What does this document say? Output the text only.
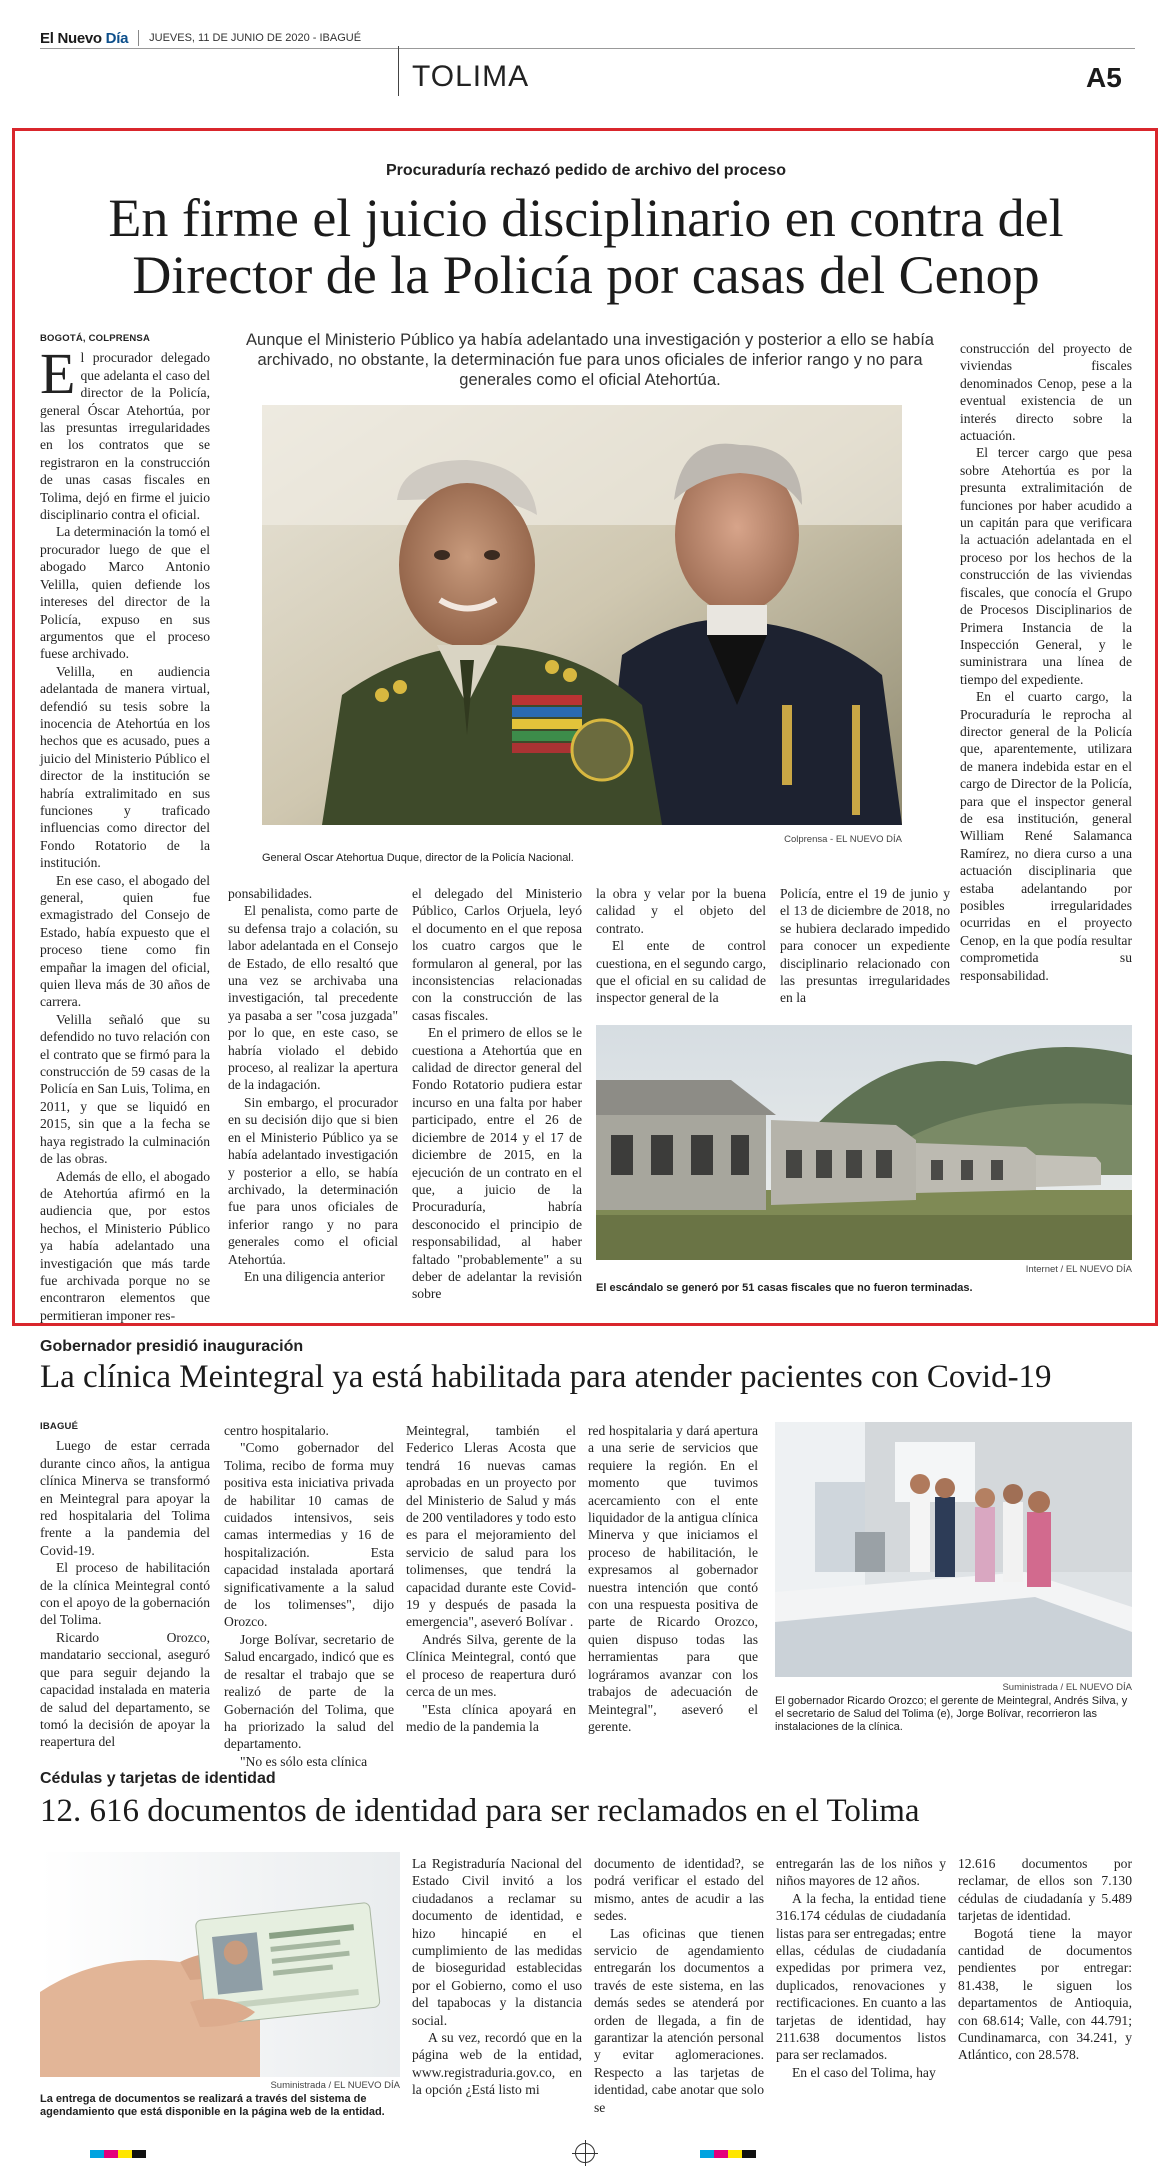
El Nuevo Día JUEVES, 11 DE JUNIO DE 2020 - IBAGUÉ
TOLIMA	A5
Procuraduría rechazó pedido de archivo del proceso
En firme el juicio disciplinario en contra del Director de la Policía por casas del Cenop
Aunque el Ministerio Público ya había adelantado una investigación y posterior a ello se había archivado, no obstante, la determinación fue para unos oficiales de inferior rango y no para generales como el oficial Atehortúa.
BOGOTÁ, COLPRENSA

El procurador delegado que adelanta el caso del director de la Policía, general Óscar Atehortúa, por las presuntas irregularidades en los contratos que se registraron en la construcción de unas casas fiscales en Tolima, dejó en firme el juicio disciplinario contra el oficial.

La determinación la tomó el procurador luego de que el abogado Marco Antonio Velilla, quien defiende los intereses del director de la Policía, expuso en sus argumentos que el proceso fuese archivado.

Velilla, en audiencia adelantada de manera virtual, defendió su tesis sobre la inocencia de Atehortúa en los hechos que es acusado, pues a juicio del Ministerio Público el director de la institución se habría extralimitado en sus funciones y traficado influencias como director del Fondo Rotatorio de la institución.

En ese caso, el abogado del general, quien fue exmagistrado del Consejo de Estado, había expuesto que el proceso tiene como fin empañar la imagen del oficial, quien lleva más de 30 años de carrera.

Velilla señaló que su defendido no tuvo relación con el contrato que se firmó para la construcción de 59 casas de la Policía en San Luis, Tolima, en 2011, y que se liquidó en 2015, sin que a la fecha se haya registrado la culminación de las obras.

Además de ello, el abogado de Atehortúa afirmó en la audiencia que, por estos hechos, el Ministerio Público ya había adelantado una investigación que más tarde fue archivada porque no se encontraron elementos que permitieran imponer res-

General Oscar Atehortua Duque, director de la Policía Nacional.
Colprensa - EL NUEVO DÍA

ponsabilidades.

El penalista, como parte de su defensa trajo a colación, su labor adelantada en el Consejo de Estado, de ello resaltó que una vez se archivaba una investigación, tal precedente ya pasaba a ser "cosa juzgada" por lo que, en este caso, se habría violado el debido proceso, al realizar la apertura de la indagación.

Sin embargo, el procurador en su decisión dijo que si bien en el Ministerio Público ya se había adelantado investigación y posterior a ello, se había archivado, la determinación fue para unos oficiales de inferior rango y no para generales como el oficial Atehortúa.

En una diligencia anterior

el delegado del Ministerio Público, Carlos Orjuela, leyó el documento en el que reposa los cuatro cargos que le formularon al general, por las inconsistencias relacionadas con la construcción de las casas fiscales.

En el primero de ellos se le cuestiona a Atehortúa que en calidad de director general del Fondo Rotatorio pudiera estar incurso en una falta por haber participado, entre el 26 de diciembre de 2014 y el 17 de diciembre de 2015, en la ejecución de un contrato en el que, a juicio de la Procuraduría, habría desconocido el principio de responsabilidad, al haber faltado "probablemente" a su deber de adelantar la revisión sobre

la obra y velar por la buena calidad y el objeto del contrato.

El ente de control cuestiona, en el segundo cargo, que el oficial en su calidad de inspector general de la

Policía, entre el 19 de junio y el 13 de diciembre de 2018, no se hubiera declarado impedido para conocer un expediente disciplinario relacionado con las presuntas irregularidades en la

construcción del proyecto de viviendas fiscales denominados Cenop, pese a la eventual existencia de un interés directo sobre la actuación.

El tercer cargo que pesa sobre Atehortúa es por la presunta extralimitación de funciones por haber acudido a un capitán para que verificara la actuación adelantada en el proceso por los hechos de la construcción de las viviendas fiscales, que conocía el Grupo de Procesos Disciplinarios de Primera Instancia de la Inspección General, y le suministrara una línea de tiempo del expediente.

En el cuarto cargo, la Procuraduría le reprocha al director general de la Policía que, aparentemente, utilizara de manera indebida estar en el cargo de Director de la Policía, para que el inspector general de esa institución, general William René Salamanca Ramírez, no diera curso a una actuación disciplinaria que estaba adelantando por posibles irregularidades ocurridas en el proyecto Cenop, en la que podía resultar comprometida su responsabilidad.

Internet / EL NUEVO DÍA
El escándalo se generó por 51 casas fiscales que no fueron terminadas.
Gobernador presidió inauguración
La clínica Meintegral ya está habilitada para atender pacientes con Covid-19
IBAGUÉ

Luego de estar cerrada durante cinco años, la antigua clínica Minerva se transformó en Meintegral para apoyar la red hospitalaria del Tolima frente a la pandemia del Covid-19.

El proceso de habilitación de la clínica Meintegral contó con el apoyo de la gobernación del Tolima.

Ricardo Orozco, mandatario seccional, aseguró que para seguir dejando la capacidad instalada en materia de salud del departamento, se tomó la decisión de apoyar la reapertura del

centro hospitalario.

"Como gobernador del Tolima, recibo de forma muy positiva esta iniciativa privada de habilitar 10 camas de cuidados intensivos, seis camas intermedias y 16 de hospitalización. Esta capacidad instalada aportará significativamente a la salud de los tolimenses", dijo Orozco.

Jorge Bolívar, secretario de Salud encargado, indicó que es de resaltar el trabajo que se realizó de parte de la Gobernación del Tolima, que ha priorizado la salud del departamento.

"No es sólo esta clínica

Meintegral, también el Federico Lleras Acosta que tendrá 16 nuevas camas aprobadas en un proyecto por del Ministerio de Salud y más de 200 ventiladores y todo esto es para el mejoramiento del servicio de salud para los tolimenses, que tendrá la capacidad durante este Covid-19 y después de pasada la emergencia", aseveró Bolívar .

Andrés Silva, gerente de la Clínica Meintegral, contó que el proceso de reapertura duró cerca de un mes.

"Esta clínica apoyará en medio de la pandemia la

red hospitalaria y dará apertura a una serie de servicios que requiere la región. En el momento que tuvimos acercamiento con el ente liquidador de la antigua clínica Minerva y que iniciamos el proceso de habilitación, le expresamos al gobernador nuestra intención que contó con una respuesta positiva de parte de Ricardo Orozco, quien dispuso todas las herramientas para que lográramos avanzar con los trabajos de adecuación de Meintegral", aseveró el gerente.

Suministrada / EL NUEVO DÍA
El gobernador Ricardo Orozco; el gerente de Meintegral, Andrés Silva, y el secretario de Salud del Tolima (e), Jorge Bolívar, recorrieron las instalaciones de la clínica.
Cédulas y tarjetas de identidad
12. 616 documentos de identidad para ser reclamados en el Tolima
Suministrada / EL NUEVO DÍA
La entrega de documentos se realizará a través del sistema de agendamiento que está disponible en la página web de la entidad.

La Registraduría Nacional del Estado Civil invitó a los ciudadanos a reclamar su documento de identidad, e hizo hincapié en el cumplimiento de las medidas de bioseguridad establecidas por el Gobierno, como el uso del tapabocas y la distancia social.

A su vez, recordó que en la página web de la entidad, www.registraduria.gov.co, en la opción ¿Está listo mi

documento de identidad?, se podrá verificar el estado del mismo, antes de acudir a las sedes.

Las oficinas que tienen servicio de agendamiento entregarán los documentos a través de este sistema, en las demás sedes se atenderá por orden de llegada, a fin de garantizar la atención personal y evitar aglomeraciones. Respecto a las tarjetas de identidad, cabe anotar que solo se

entregarán las de los niños y niños mayores de 12 años.

A la fecha, la entidad tiene 316.174 cédulas de ciudadanía listas para ser entregadas; entre ellas, cédulas de ciudadanía expedidas por primera vez, duplicados, renovaciones y rectificaciones. En cuanto a las tarjetas de identidad, hay 211.638 documentos listos para ser reclamados.

En el caso del Tolima, hay

12.616 documentos por reclamar, de ellos son 7.130 cédulas de ciudadanía y 5.489 tarjetas de identidad.

Bogotá tiene la mayor cantidad de documentos pendientes por entregar: 81.438, le siguen los departamentos de Antioquia, con 68.614; Valle, con 44.791; Cundinamarca, con 34.241, y Atlántico, con 28.578.
